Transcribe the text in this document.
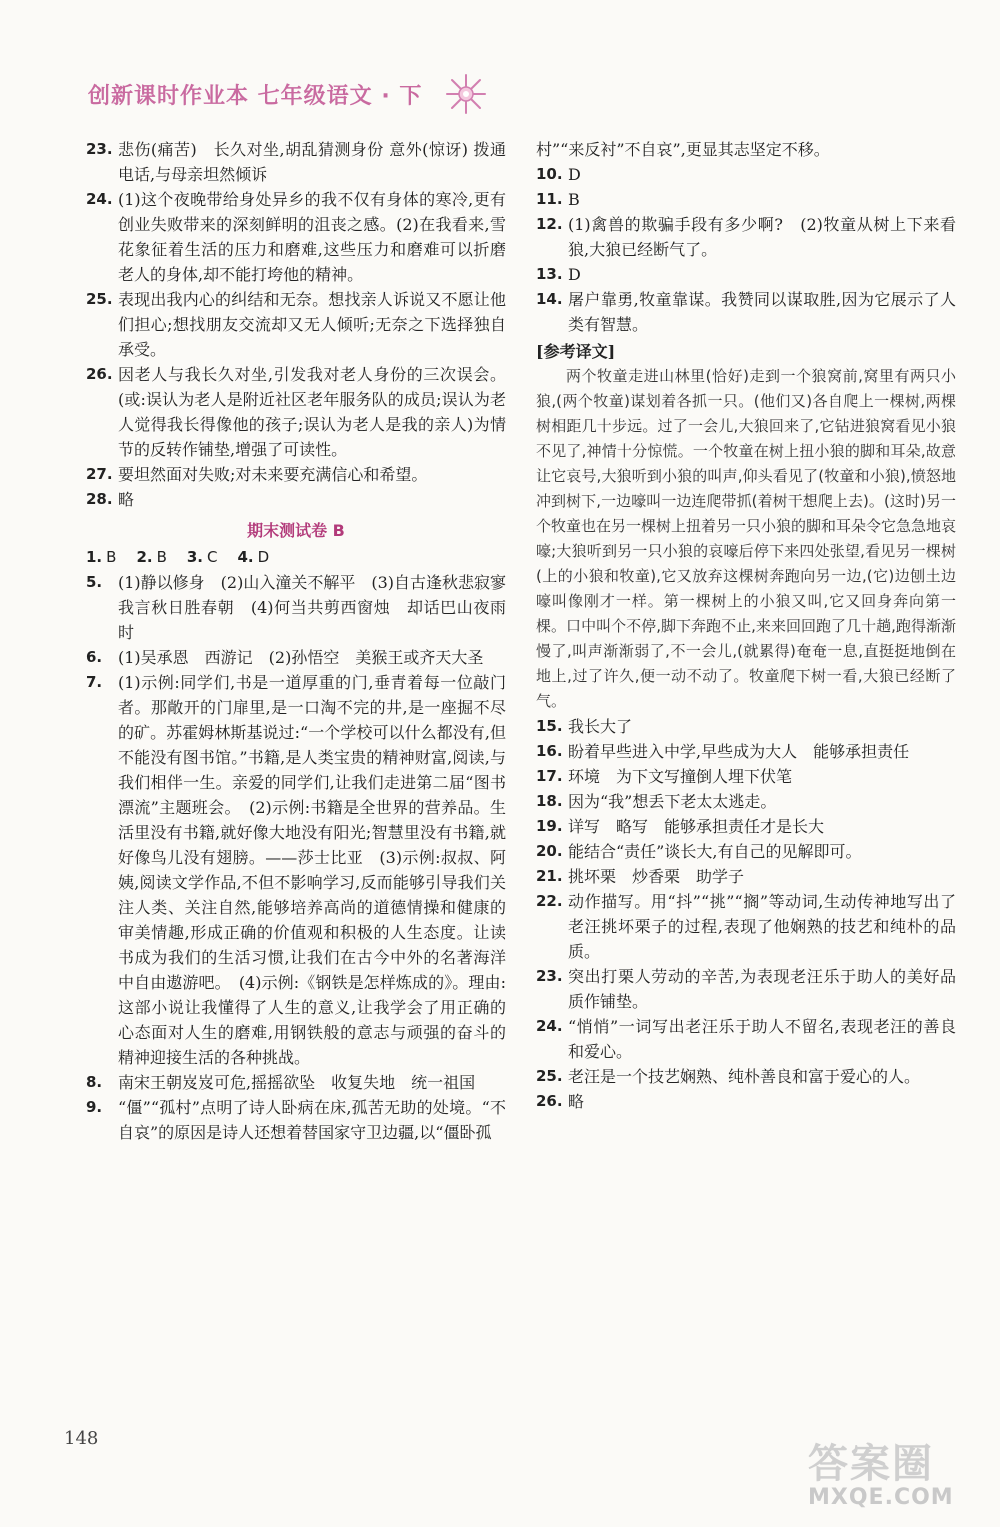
创新课时作业本 七年级语文 · 下
23. 悲伤(痛苦)　长久对坐,胡乱猜测身份 意外(惊讶) 拨通电话,与母亲坦然倾诉
24. (1)这个夜晚带给身处异乡的我不仅有身体的寒冷,更有创业失败带来的深刻鲜明的沮丧之感。(2)在我看来,雪花象征着生活的压力和磨难,这些压力和磨难可以折磨老人的身体,却不能打垮他的精神。
25. 表现出我内心的纠结和无奈。想找亲人诉说又不愿让他们担心;想找朋友交流却又无人倾听;无奈之下选择独自承受。
26. 因老人与我长久对坐,引发我对老人身份的三次误会。(或:误认为老人是附近社区老年服务队的成员;误认为老人觉得我长得像他的孩子;误认为老人是我的亲人)为情节的反转作铺垫,增强了可读性。
27. 要坦然面对失败;对未来要充满信心和希望。
28. 略
期末测试卷 B
1. B 2. B 3. C 4. D
5. (1)静以修身　(2)山入潼关不解平　(3)自古逢秋悲寂寥　我言秋日胜春朝　(4)何当共剪西窗烛　却话巴山夜雨时
6. (1)吴承恩　西游记　(2)孙悟空　美猴王或齐天大圣
7. (1)示例:同学们,书是一道厚重的门,垂青着每一位敲门者。那敞开的门扉里,是一口淘不完的井,是一座掘不尽的矿。苏霍姆林斯基说过:“一个学校可以什么都没有,但不能没有图书馆。”书籍,是人类宝贵的精神财富,阅读,与我们相伴一生。亲爱的同学们,让我们走进第二届“图书漂流”主题班会。　(2)示例:书籍是全世界的营养品。生活里没有书籍,就好像大地没有阳光;智慧里没有书籍,就好像鸟儿没有翅膀。——莎士比亚　(3)示例:叔叔、阿姨,阅读文学作品,不但不影响学习,反而能够引导我们关注人类、关注自然,能够培养高尚的道德情操和健康的审美情趣,形成正确的价值观和积极的人生态度。让读书成为我们的生活习惯,让我们在古今中外的名著海洋中自由遨游吧。　(4)示例:《钢铁是怎样炼成的》。理由:这部小说让我懂得了人生的意义,让我学会了用正确的心态面对人生的磨难,用钢铁般的意志与顽强的奋斗的精神迎接生活的各种挑战。
8. 南宋王朝岌岌可危,摇摇欲坠　收复失地　统一祖国
9. “僵”“孤村”点明了诗人卧病在床,孤苦无助的处境。“不自哀”的原因是诗人还想着替国家守卫边疆,以“僵卧孤
村”“来反衬”不自哀”,更显其志坚定不移。
10. D
11. B
12. (1)禽兽的欺骗手段有多少啊?　(2)牧童从树上下来看狼,大狼已经断气了。
13. D
14. 屠户靠勇,牧童靠谋。我赞同以谋取胜,因为它展示了人类有智慧。
[参考译文]
两个牧童走进山林里(恰好)走到一个狼窝前,窝里有两只小狼,(两个牧童)谋划着各抓一只。(他们又)各自爬上一棵树,两棵树相距几十步远。过了一会儿,大狼回来了,它钻进狼窝看见小狼不见了,神情十分惊慌。一个牧童在树上扭小狼的脚和耳朵,故意让它哀号,大狼听到小狼的叫声,仰头看见了(牧童和小狼),愤怒地冲到树下,一边嚎叫一边连爬带抓(着树干想爬上去)。(这时)另一个牧童也在另一棵树上扭着另一只小狼的脚和耳朵令它急急地哀嚎;大狼听到另一只小狼的哀嚎后停下来四处张望,看见另一棵树(上的小狼和牧童),它又放弃这棵树奔跑向另一边,(它)边刨土边嚎叫像刚才一样。第一棵树上的小狼又叫,它又回身奔向第一棵。口中叫个不停,脚下奔跑不止,来来回回跑了几十趟,跑得渐渐慢了,叫声渐渐弱了,不一会儿,(就累得)奄奄一息,直挺挺地倒在地上,过了许久,便一动不动了。牧童爬下树一看,大狼已经断了气。
15. 我长大了
16. 盼着早些进入中学,早些成为大人　能够承担责任
17. 环境　为下文写撞倒人埋下伏笔
18. 因为“我”想丢下老太太逃走。
19. 详写　略写　能够承担责任才是长大
20. 能结合“责任”谈长大,有自己的见解即可。
21. 挑坏栗　炒香栗　助学子
22. 动作描写。用“抖”“挑”“搁”等动词,生动传神地写出了老汪挑坏栗子的过程,表现了他娴熟的技艺和纯朴的品质。
23. 突出打栗人劳动的辛苦,为表现老汪乐于助人的美好品质作铺垫。
24. “悄悄”一词写出老汪乐于助人不留名,表现老汪的善良和爱心。
25. 老汪是一个技艺娴熟、纯朴善良和富于爱心的人。
26. 略
148
答案圈
MXQE.COM
